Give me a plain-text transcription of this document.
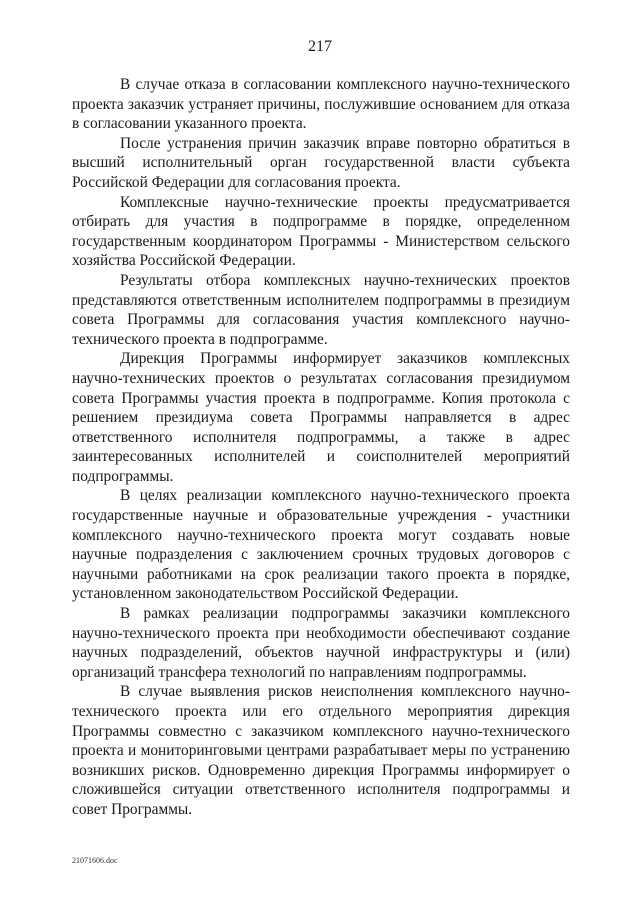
217
В случае отказа в согласовании комплексного научно-технического
проекта заказчик устраняет причины, послужившие основанием для отказа
в согласовании указанного проекта.
После устранения причин заказчик вправе повторно обратиться в
высший исполнительный орган государственной власти субъекта
Российской Федерации для согласования проекта.
Комплексные научно-технические проекты предусматривается
отбирать для участия в подпрограмме в порядке, определенном
государственным координатором Программы - Министерством сельского
хозяйства Российской Федерации.
Результаты отбора комплексных научно-технических проектов
представляются ответственным исполнителем подпрограммы в президиум
совета Программы для согласования участия комплексного научно-
технического проекта в подпрограмме.
Дирекция Программы информирует заказчиков комплексных
научно-технических проектов о результатах согласования президиумом
совета Программы участия проекта в подпрограмме. Копия протокола с
решением президиума совета Программы направляется в адрес
ответственного исполнителя подпрограммы, а также в адрес
заинтересованных исполнителей и соисполнителей мероприятий
подпрограммы.
В целях реализации комплексного научно-технического проекта
государственные научные и образовательные учреждения - участники
комплексного научно-технического проекта могут создавать новые
научные подразделения с заключением срочных трудовых договоров с
научными работниками на срок реализации такого проекта в порядке,
установленном законодательством Российской Федерации.
В рамках реализации подпрограммы заказчики комплексного
научно-технического проекта при необходимости обеспечивают создание
научных подразделений, объектов научной инфраструктуры и (или)
организаций трансфера технологий по направлениям подпрограммы.
В случае выявления рисков неисполнения комплексного научно-
технического проекта или его отдельного мероприятия дирекция
Программы совместно с заказчиком комплексного научно-технического
проекта и мониторинговыми центрами разрабатывает меры по устранению
возникших рисков. Одновременно дирекция Программы информирует о
сложившейся ситуации ответственного исполнителя подпрограммы и
совет Программы.
21071606.doc
